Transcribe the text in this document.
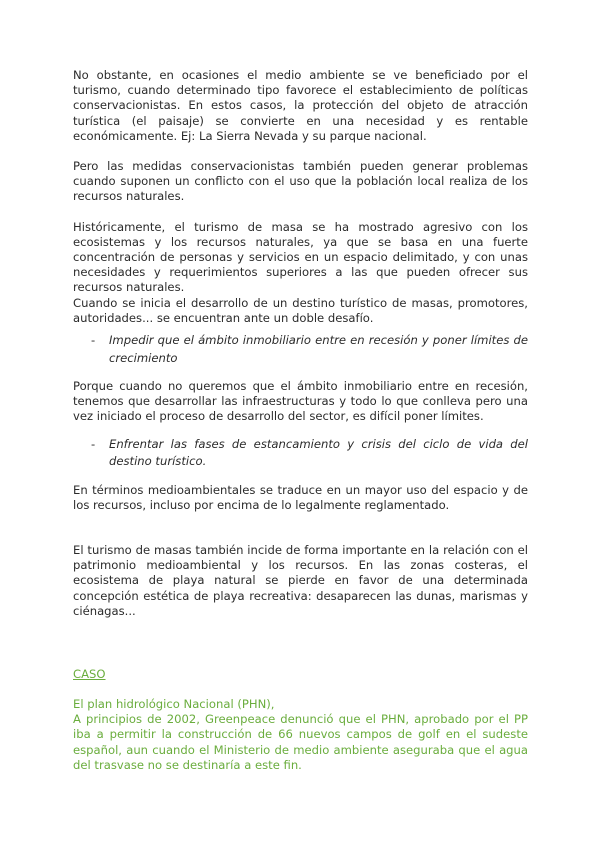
No obstante, en ocasiones el medio ambiente se ve beneficiado por el turismo, cuando determinado tipo favorece el establecimiento de políticas conservacionistas. En estos casos, la protección del objeto de atracción turística (el paisaje) se convierte en una necesidad y es rentable económicamente. Ej: La Sierra Nevada y su parque nacional.

Pero las medidas conservacionistas también pueden generar problemas cuando suponen un conflicto con el uso que la población local realiza de los recursos naturales.

Históricamente, el turismo de masa se ha mostrado agresivo con los ecosistemas y los recursos naturales, ya que se basa en una fuerte concentración de personas y servicios en un espacio delimitado, y con unas necesidades y requerimientos superiores a las que pueden ofrecer sus recursos naturales.

Cuando se inicia el desarrollo de un destino turístico de masas, promotores, autoridades... se encuentran ante un doble desafío.

-	Impedir que el ámbito inmobiliario entre en recesión y poner límites de crecimiento

Porque cuando no queremos que el ámbito inmobiliario entre en recesión, tenemos que desarrollar las infraestructuras y todo lo que conlleva pero una vez iniciado el proceso de desarrollo del sector, es difícil poner límites.

-	Enfrentar las fases de estancamiento y crisis del ciclo de vida del destino turístico.

En términos medioambientales se traduce en un mayor uso del espacio y de los recursos, incluso por encima de lo legalmente reglamentado.

El turismo de masas también incide de forma importante en la relación con el patrimonio medioambiental y los recursos. En las zonas costeras, el ecosistema de playa natural se pierde en favor de una determinada concepción estética de playa recreativa: desaparecen las dunas, marismas y ciénagas...

CASO

El plan hidrológico Nacional (PHN),

A principios de 2002, Greenpeace denunció que el PHN, aprobado por el PP iba a permitir la construcción de 66 nuevos campos de golf en el sudeste español, aun cuando el Ministerio de medio ambiente aseguraba que el agua del trasvase no se destinaría a este fin.
